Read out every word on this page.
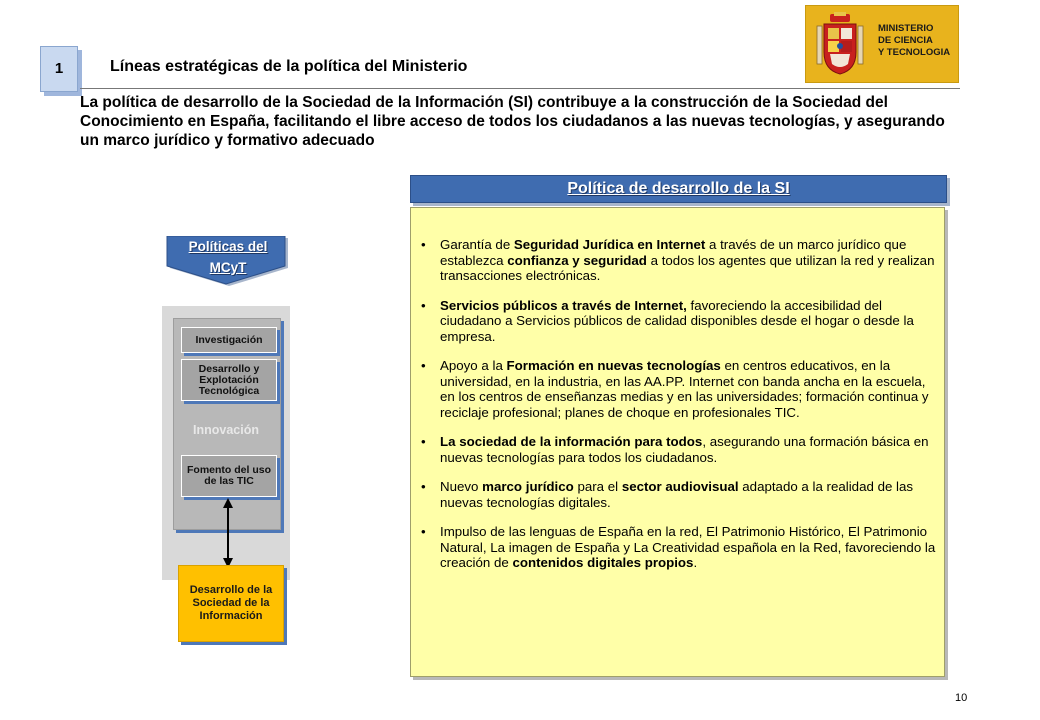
1	Líneas estratégicas de la política del Ministerio
MINISTERIO
DE CIENCIA
Y TECNOLOGIA
La política de desarrollo de la Sociedad de la Información (SI) contribuye a la construcción de la Sociedad del Conocimiento en España, facilitando el libre acceso de todos los ciudadanos a las nuevas tecnologías, y asegurando un marco jurídico y formativo adecuado
Políticas del
MCyT
Innovación
Investigación
Desarrollo y Explotación Tecnológica
Fomento del uso de las TIC
Desarrollo de la Sociedad de la Información
Política de desarrollo de la SI
• Garantía de Seguridad Jurídica en Internet a través de un marco jurídico que establezca confianza y seguridad a todos los agentes que utilizan la red y realizan transacciones electrónicas.
• Servicios públicos a través de Internet, favoreciendo la accesibilidad del ciudadano a Servicios públicos de calidad disponibles desde el hogar o desde la empresa.
• Apoyo a la Formación en nuevas tecnologías en centros educativos, en la universidad, en la industria, en las AA.PP. Internet con banda ancha en la escuela, en los centros de enseñanzas medias y en las universidades; formación continua y reciclaje profesional; planes de choque en profesionales TIC.
• La sociedad de la información para todos, asegurando una formación básica en nuevas tecnologías para todos los ciudadanos.
• Nuevo marco jurídico para el sector audiovisual adaptado a la realidad de las nuevas tecnologías digitales.
• Impulso de las lenguas de España en la red, El Patrimonio Histórico, El Patrimonio Natural, La imagen de España y La Creatividad española en la Red, favoreciendo la creación de contenidos digitales propios.
10
